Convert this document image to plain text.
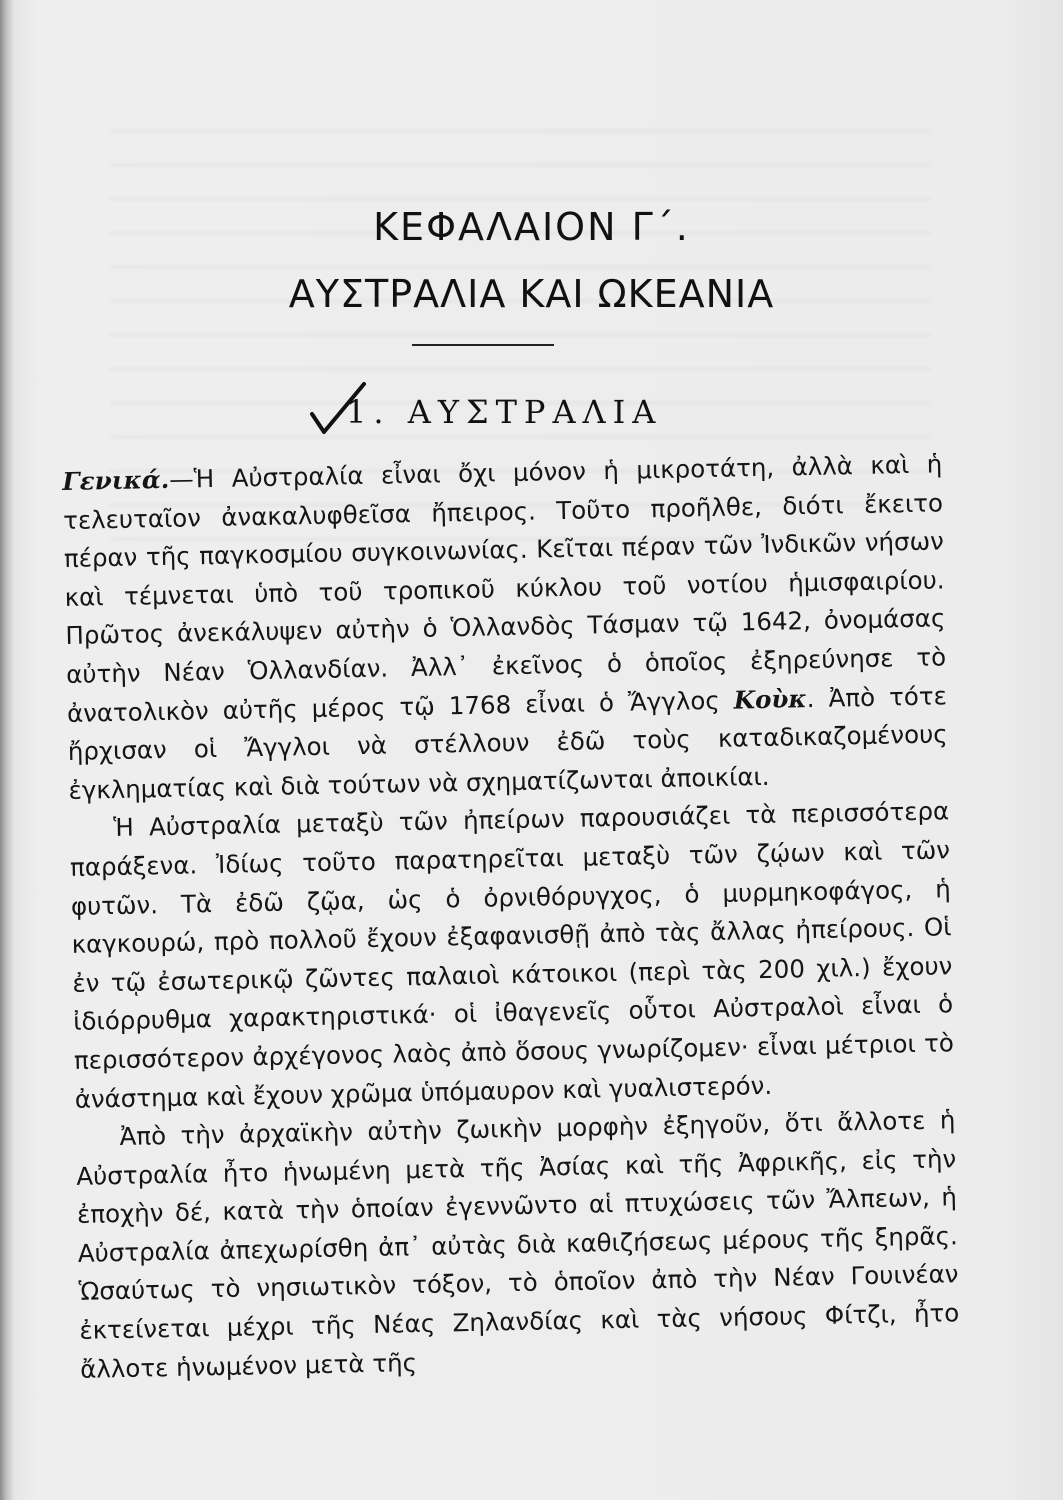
ΚΕΦΑΛΑΙΟΝ Γ΄.
ΑΥΣΤΡΑΛΙΑ ΚΑΙ ΩΚΕΑΝΙΑ
1. ΑΥΣΤΡΑΛΙΑ

Γενικά.—Ἡ Αὐστραλία εἶναι ὄχι μόνον ἡ μικροτάτη, ἀλλὰ καὶ ἡ τελευταῖον ἀνακαλυφθεῖσα ἤπειρος. Τοῦτο προῆλθε, διότι ἔκειτο πέραν τῆς παγκοσμίου συγκοινωνίας. Κεῖται πέραν τῶν Ἰνδικῶν νήσων καὶ τέμνεται ὑπὸ τοῦ τροπικοῦ κύκλου τοῦ νοτίου ἡμισφαιρίου. Πρῶτος ἀνεκάλυψεν αὐτὴν ὁ Ὁλλανδὸς Τάσμαν τῷ 1642, ὀνομάσας αὐτὴν Νέαν Ὁλλανδίαν. Ἀλλ᾽ ἐκεῖνος ὁ ὁποῖος ἐξηρεύνησε τὸ ἀνατολικὸν αὐτῆς μέρος τῷ 1768 εἶναι ὁ Ἄγγλος Κοὺκ. Ἀπὸ τότε ἤρχισαν οἱ Ἄγγλοι νὰ στέλλουν ἐδῶ τοὺς καταδικαζομένους ἐγκληματίας καὶ διὰ τούτων νὰ σχηματίζωνται ἀποικίαι.

Ἡ Αὐστραλία μεταξὺ τῶν ἠπείρων παρουσιάζει τὰ περισσότερα παράξενα. Ἰδίως τοῦτο παρατηρεῖται μεταξὺ τῶν ζῴων καὶ τῶν φυτῶν. Τὰ ἐδῶ ζῷα, ὡς ὁ ὀρνιθόρυγχος, ὁ μυρμηκοφάγος, ἡ καγκουρώ, πρὸ πολλοῦ ἔχουν ἐξαφανισθῇ ἀπὸ τὰς ἄλλας ἠπείρους. Οἱ ἐν τῷ ἐσωτερικῷ ζῶντες παλαιοὶ κάτοικοι (περὶ τὰς 200 χιλ.) ἔχουν ἰδιόρρυθμα χαρακτηριστικά· οἱ ἰθαγενεῖς οὗτοι Αὐστραλοὶ εἶναι ὁ περισσότερον ἀρχέγονος λαὸς ἀπὸ ὅσους γνωρίζομεν· εἶναι μέτριοι τὸ ἀνάστημα καὶ ἔχουν χρῶμα ὑπόμαυρον καὶ γυαλιστερόν.

Ἀπὸ τὴν ἀρχαϊκὴν αὐτὴν ζωικὴν μορφὴν ἐξηγοῦν, ὅτι ἄλλοτε ἡ Αὐστραλία ἦτο ἡνωμένη μετὰ τῆς Ἀσίας καὶ τῆς Ἀφρικῆς, εἰς τὴν ἐποχὴν δέ, κατὰ τὴν ὁποίαν ἐγεννῶντο αἱ πτυχώσεις τῶν Ἄλπεων, ἡ Αὐστραλία ἀπεχωρίσθη ἀπ᾽ αὐτὰς διὰ καθιζήσεως μέρους τῆς ξηρᾶς. Ὡσαύτως τὸ νησιωτικὸν τόξον, τὸ ὁποῖον ἀπὸ τὴν Νέαν Γουινέαν ἐκτείνεται μέχρι τῆς Νέας Ζηλανδίας καὶ τὰς νήσους Φίτζι, ἦτο ἄλλοτε ἡνωμένον μετὰ τῆς
